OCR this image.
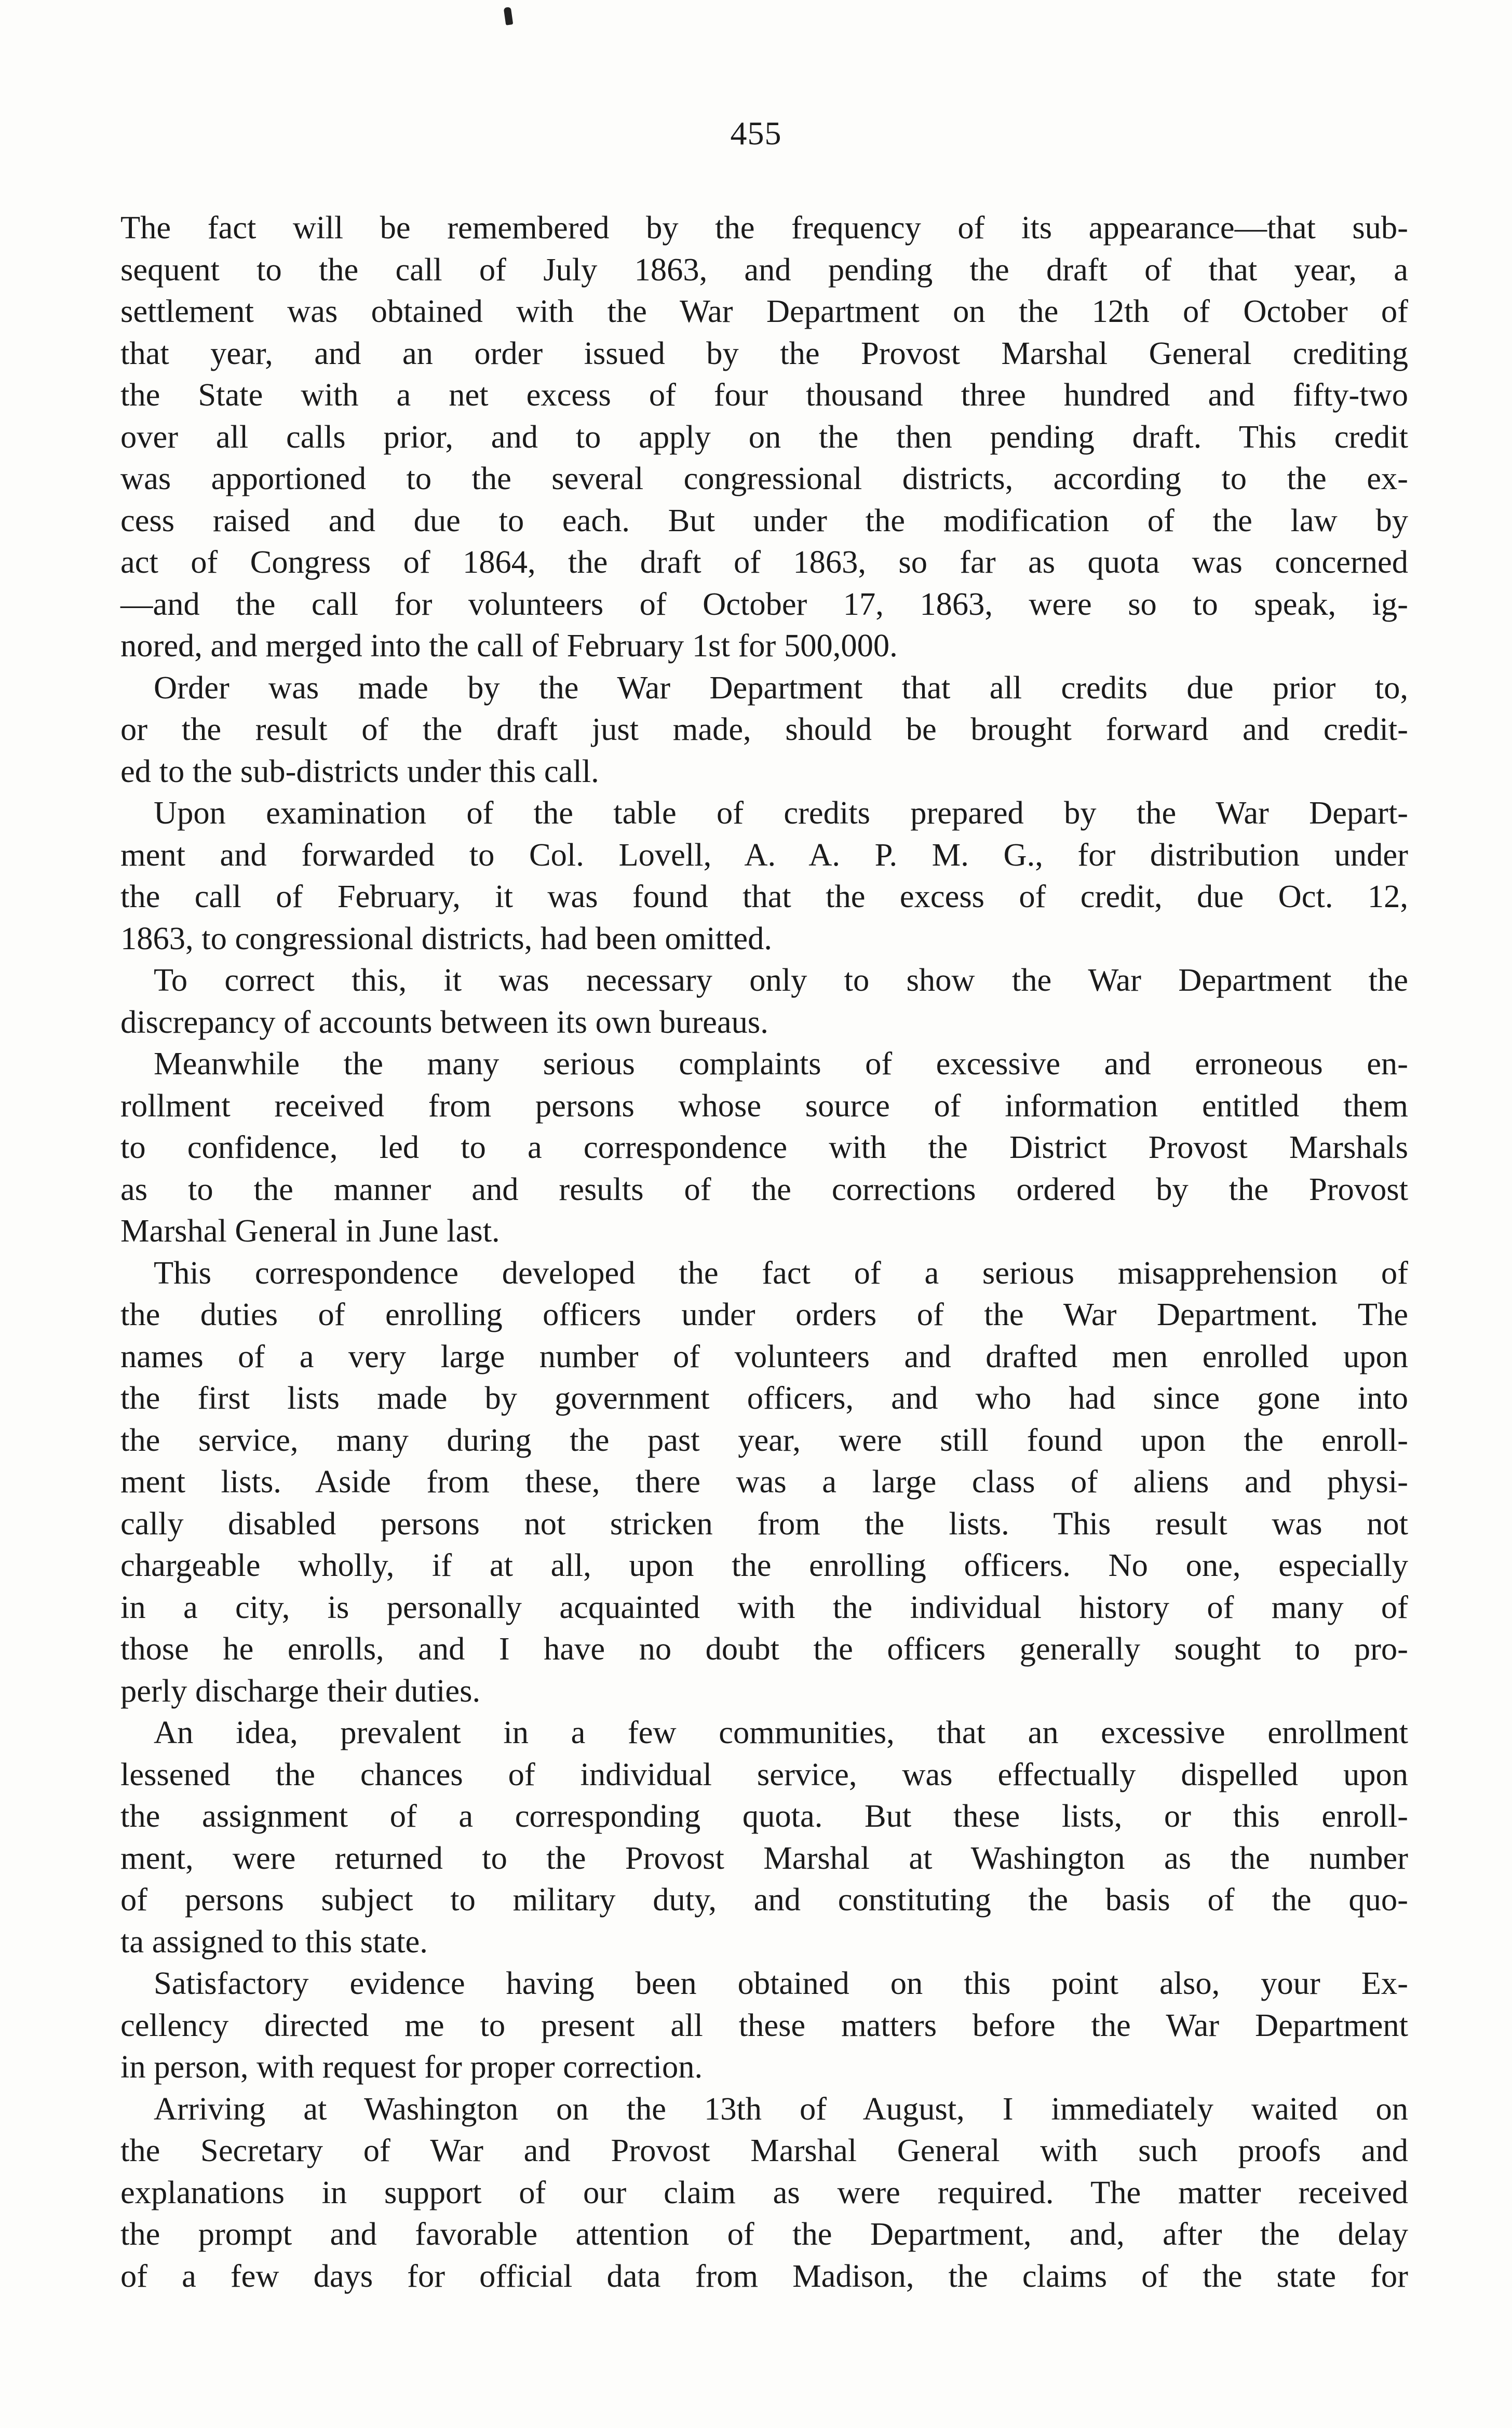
455
The fact will be remembered by the frequency of its appearance—that sub-
sequent to the call of July 1863, and pending the draft of that year, a
settlement was obtained with the War Department on the 12th of October of
that year, and an order issued by the Provost Marshal General crediting
the State with a net excess of four thousand three hundred and fifty-two
over all calls prior, and to apply on the then pending draft. This credit
was apportioned to the several congressional districts, according to the ex-
cess raised and due to each. But under the modification of the law by
act of Congress of 1864, the draft of 1863, so far as quota was concerned
—and the call for volunteers of October 17, 1863, were so to speak, ig-
nored, and merged into the call of February 1st for 500,000.
Order was made by the War Department that all credits due prior to,
or the result of the draft just made, should be brought forward and credit-
ed to the sub-districts under this call.
Upon examination of the table of credits prepared by the War Depart-
ment and forwarded to Col. Lovell, A. A. P. M. G., for distribution under
the call of February, it was found that the excess of credit, due Oct. 12,
1863, to congressional districts, had been omitted.
To correct this, it was necessary only to show the War Department the
discrepancy of accounts between its own bureaus.
Meanwhile the many serious complaints of excessive and erroneous en-
rollment received from persons whose source of information entitled them
to confidence, led to a correspondence with the District Provost Marshals
as to the manner and results of the corrections ordered by the Provost
Marshal General in June last.
This correspondence developed the fact of a serious misapprehension of
the duties of enrolling officers under orders of the War Department. The
names of a very large number of volunteers and drafted men enrolled upon
the first lists made by government officers, and who had since gone into
the service, many during the past year, were still found upon the enroll-
ment lists. Aside from these, there was a large class of aliens and physi-
cally disabled persons not stricken from the lists. This result was not
chargeable wholly, if at all, upon the enrolling officers. No one, especially
in a city, is personally acquainted with the individual history of many of
those he enrolls, and I have no doubt the officers generally sought to pro-
perly discharge their duties.
An idea, prevalent in a few communities, that an excessive enrollment
lessened the chances of individual service, was effectually dispelled upon
the assignment of a corresponding quota. But these lists, or this enroll-
ment, were returned to the Provost Marshal at Washington as the number
of persons subject to military duty, and constituting the basis of the quo-
ta assigned to this state.
Satisfactory evidence having been obtained on this point also, your Ex-
cellency directed me to present all these matters before the War Department
in person, with request for proper correction.
Arriving at Washington on the 13th of August, I immediately waited on
the Secretary of War and Provost Marshal General with such proofs and
explanations in support of our claim as were required. The matter received
the prompt and favorable attention of the Department, and, after the delay
of a few days for official data from Madison, the claims of the state for
